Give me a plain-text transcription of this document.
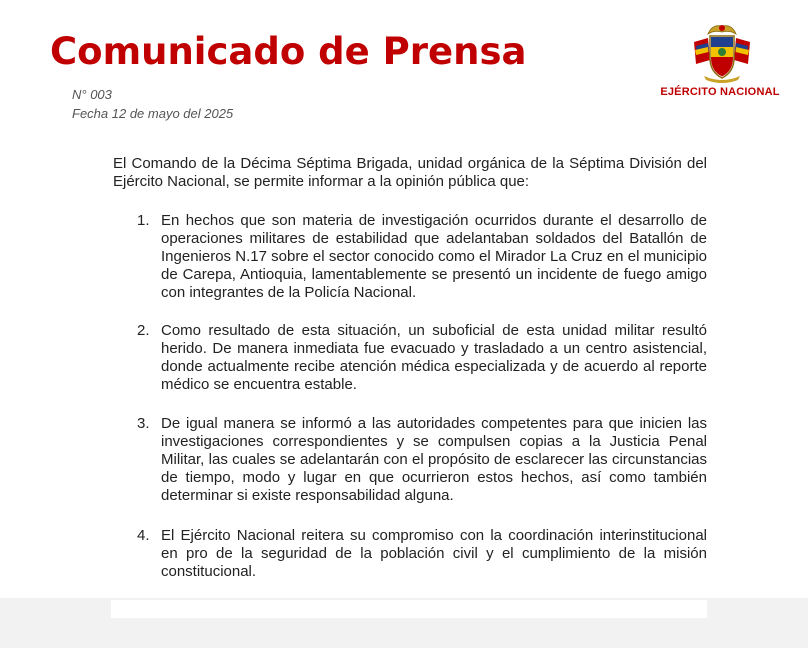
Comunicado de Prensa
N° 003
Fecha 12 de mayo del 2025
EJÉRCITO NACIONAL
El Comando de la Décima Séptima Brigada, unidad orgánica de la Séptima División del Ejército Nacional, se permite informar a la opinión pública que:
1. En hechos que son materia de investigación ocurridos durante el desarrollo de operaciones militares de estabilidad que adelantaban soldados del Batallón de Ingenieros N.17 sobre el sector conocido como el Mirador La Cruz en el municipio de Carepa, Antioquia, lamentablemente se presentó un incidente de fuego amigo con integrantes de la Policía Nacional.
2. Como resultado de esta situación, un suboficial de esta unidad militar resultó herido. De manera inmediata fue evacuado y trasladado a un centro asistencial, donde actualmente recibe atención médica especializada y de acuerdo al reporte médico se encuentra estable.
3. De igual manera se informó a las autoridades competentes para que inicien las investigaciones correspondientes y se compulsen copias a la Justicia Penal Militar, las cuales se adelantarán con el propósito de esclarecer las circunstancias de tiempo, modo y lugar en que ocurrieron estos hechos, así como también determinar si existe responsabilidad alguna.
4. El Ejército Nacional reitera su compromiso con la coordinación interinstitucional en pro de la seguridad de la población civil y el cumplimiento de la misión constitucional.
